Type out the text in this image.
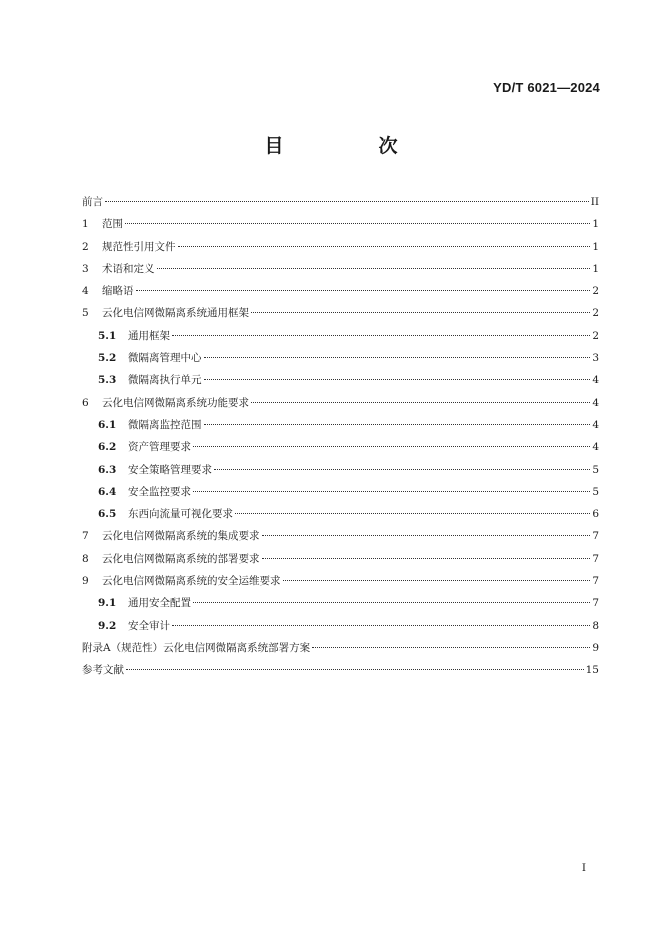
YD/T 6021—2024
目　次
前言	II
1	范围	1
2	规范性引用文件	1
3	术语和定义	1
4	缩略语	2
5	云化电信网微隔离系统通用框架	2
5.1	通用框架	2
5.2	微隔离管理中心	3
5.3	微隔离执行单元	4
6	云化电信网微隔离系统功能要求	4
6.1	微隔离监控范围	4
6.2	资产管理要求	4
6.3	安全策略管理要求	5
6.4	安全监控要求	5
6.5	东西向流量可视化要求	6
7	云化电信网微隔离系统的集成要求	7
8	云化电信网微隔离系统的部署要求	7
9	云化电信网微隔离系统的安全运维要求	7
9.1	通用安全配置	7
9.2	安全审计	8
附录A（规范性）云化电信网微隔离系统部署方案	9
参考文献	15
I
